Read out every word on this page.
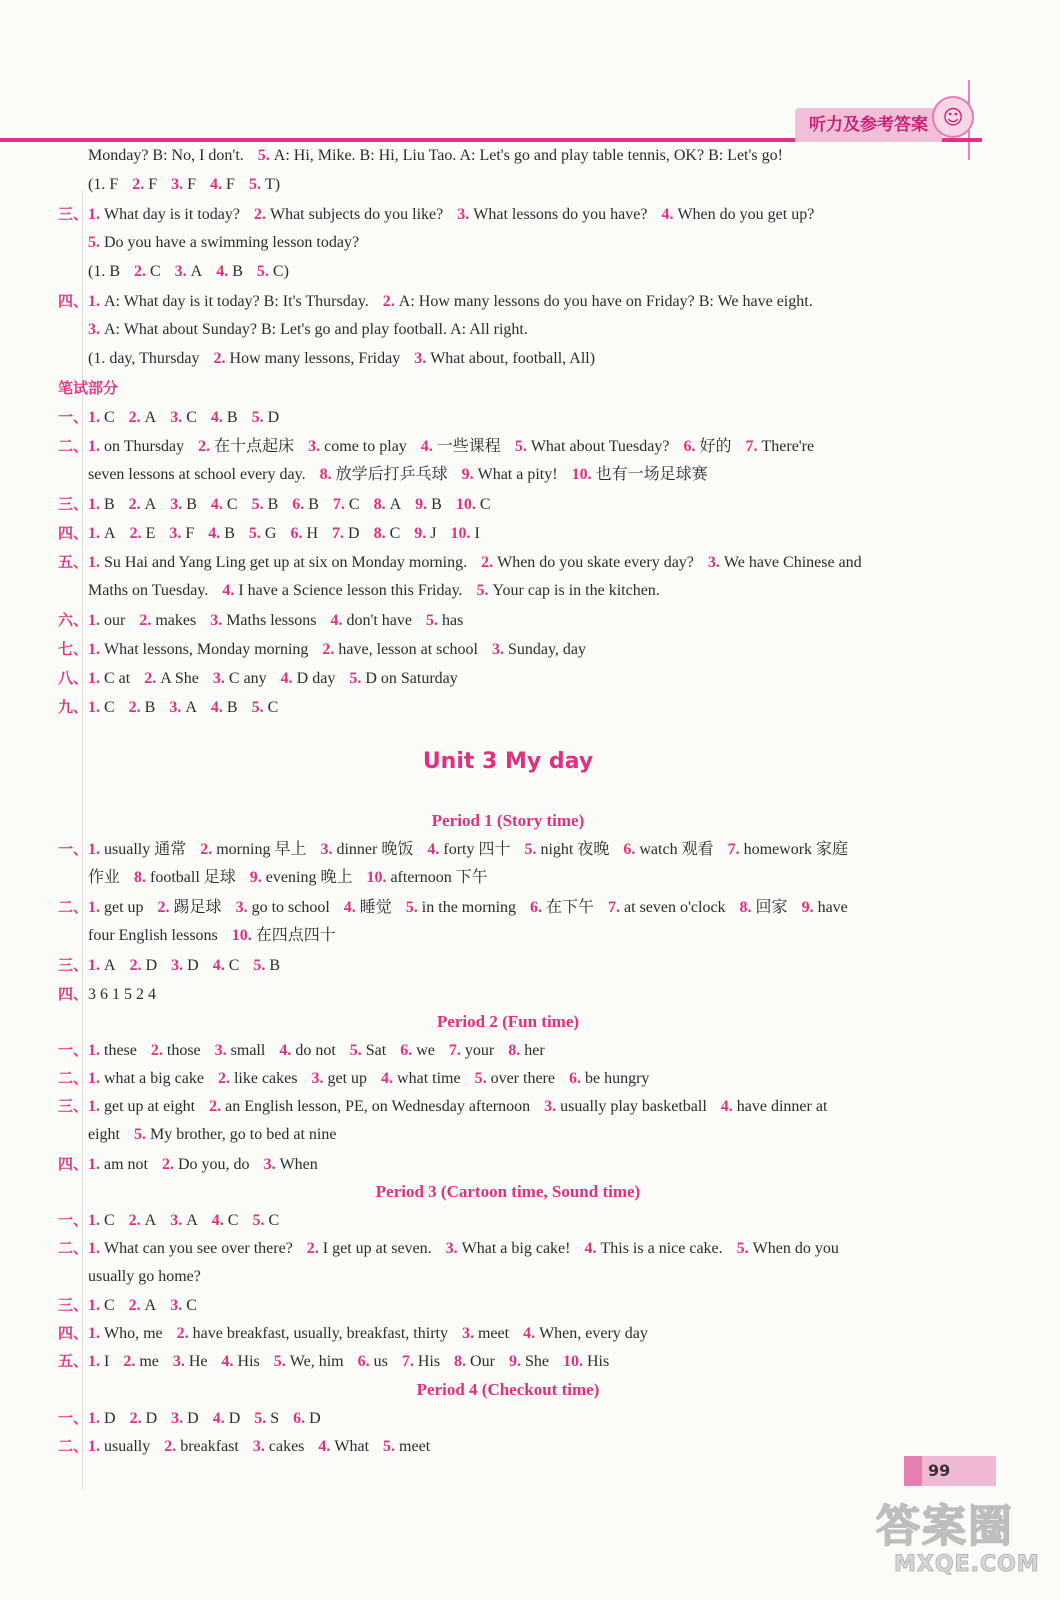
听力及参考答案 ☺
笔试部分
Unit 3 My day
Period 1 (Story time)
Period 2 (Fun time)
Period 3 (Cartoon time, Sound time)
Period 4 (Checkout time)
Monday? B: No, I don't. 5. A: Hi, Mike. B: Hi, Liu Tao. A: Let's go and play table tennis, OK? B: Let's go!
(1. F 2. F 3. F 4. F 5. T)
三、1. What day is it today? 2. What subjects do you like? 3. What lessons do you have? 4. When do you get up?
5. Do you have a swimming lesson today?
(1. B 2. C 3. A 4. B 5. C)
四、1. A: What day is it today? B: It's Thursday. 2. A: How many lessons do you have on Friday? B: We have eight.
3. A: What about Sunday? B: Let's go and play football. A: All right.
(1. day, Thursday 2. How many lessons, Friday 3. What about, football, All)
一、1. C 2. A 3. C 4. B 5. D
二、1. on Thursday 2. 在十点起床 3. come to play 4. 一些课程 5. What about Tuesday? 6. 好的 7. There're
seven lessons at school every day. 8. 放学后打乒乓球 9. What a pity! 10. 也有一场足球赛
三、1. B 2. A 3. B 4. C 5. B 6. B 7. C 8. A 9. B 10. C
四、1. A 2. E 3. F 4. B 5. G 6. H 7. D 8. C 9. J 10. I
五、1. Su Hai and Yang Ling get up at six on Monday morning. 2. When do you skate every day? 3. We have Chinese and
Maths on Tuesday. 4. I have a Science lesson this Friday. 5. Your cap is in the kitchen.
六、1. our 2. makes 3. Maths lessons 4. don't have 5. has
七、1. What lessons, Monday morning 2. have, lesson at school 3. Sunday, day
八、1. C at 2. A She 3. C any 4. D day 5. D on Saturday
九、1. C 2. B 3. A 4. B 5. C
一、1. usually 通常 2. morning 早上 3. dinner 晚饭 4. forty 四十 5. night 夜晚 6. watch 观看 7. homework 家庭
作业 8. football 足球 9. evening 晚上 10. afternoon 下午
二、1. get up 2. 踢足球 3. go to school 4. 睡觉 5. in the morning 6. 在下午 7. at seven o'clock 8. 回家 9. have
four English lessons 10. 在四点四十
三、1. A 2. D 3. D 4. C 5. B
四、3 6 1 5 2 4
一、1. these 2. those 3. small 4. do not 5. Sat 6. we 7. your 8. her
二、1. what a big cake 2. like cakes 3. get up 4. what time 5. over there 6. be hungry
三、1. get up at eight 2. an English lesson, PE, on Wednesday afternoon 3. usually play basketball 4. have dinner at
eight 5. My brother, go to bed at nine
四、1. am not 2. Do you, do 3. When
一、1. C 2. A 3. A 4. C 5. C
二、1. What can you see over there? 2. I get up at seven. 3. What a big cake! 4. This is a nice cake. 5. When do you
usually go home?
三、1. C 2. A 3. C
四、1. Who, me 2. have breakfast, usually, breakfast, thirty 3. meet 4. When, every day
五、1. I 2. me 3. He 4. His 5. We, him 6. us 7. His 8. Our 9. She 10. His
一、1. D 2. D 3. D 4. D 5. S 6. D
二、1. usually 2. breakfast 3. cakes 4. What 5. meet
99
答案圈
MXQE.COM
